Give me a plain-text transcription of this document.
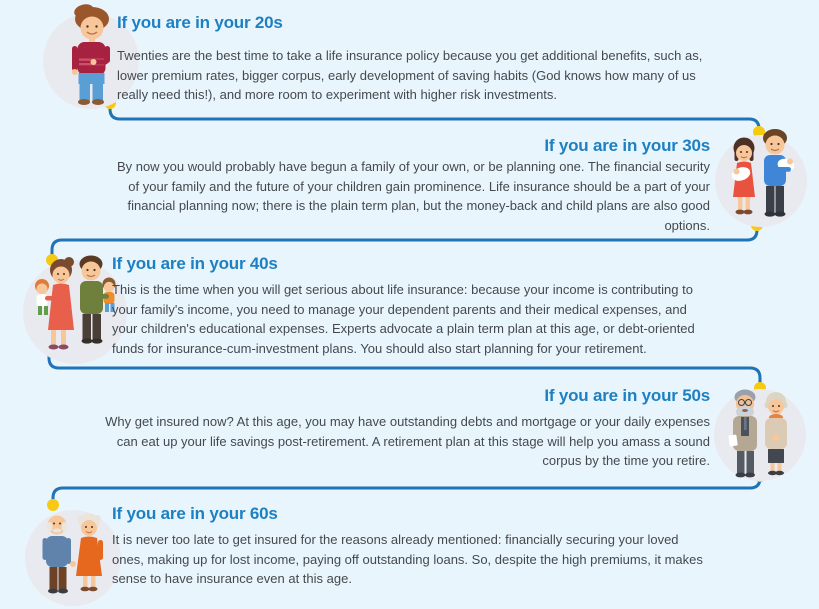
If you are in your 20s
Twenties are the best time to take a life insurance policy because you get additional benefits, such as, lower premium rates, bigger corpus, early development of saving habits (God knows how many of us really need this!), and more room to experiment with higher risk investments.
If you are in your 30s
By now you would probably have begun a family of your own, or be planning one. The financial security of your family and the future of your children gain prominence. Life insurance should be a part of your financial planning now; there is the plain term plan, but the money-back and child plans are also good options.
If you are in your 40s
This is the time when you will get serious about life insurance: because your income is contributing to your family's income, you need to manage your dependent parents and their medical expenses, and your children's educational expenses. Experts advocate a plain term plan at this age, or debt-oriented funds for insurance-cum-investment plans. You should also start planning for your retirement.
If you are in your 50s
Why get insured now? At this age, you may have outstanding debts and mortgage or your daily expenses can eat up your life savings post-retirement. A retirement plan at this stage will help you amass a sound corpus by the time you retire.
If you are in your 60s
It is never too late to get insured for the reasons already mentioned: financially securing your loved ones, making up for lost income, paying off outstanding loans. So, despite the high premiums, it makes sense to have insurance even at this age.
